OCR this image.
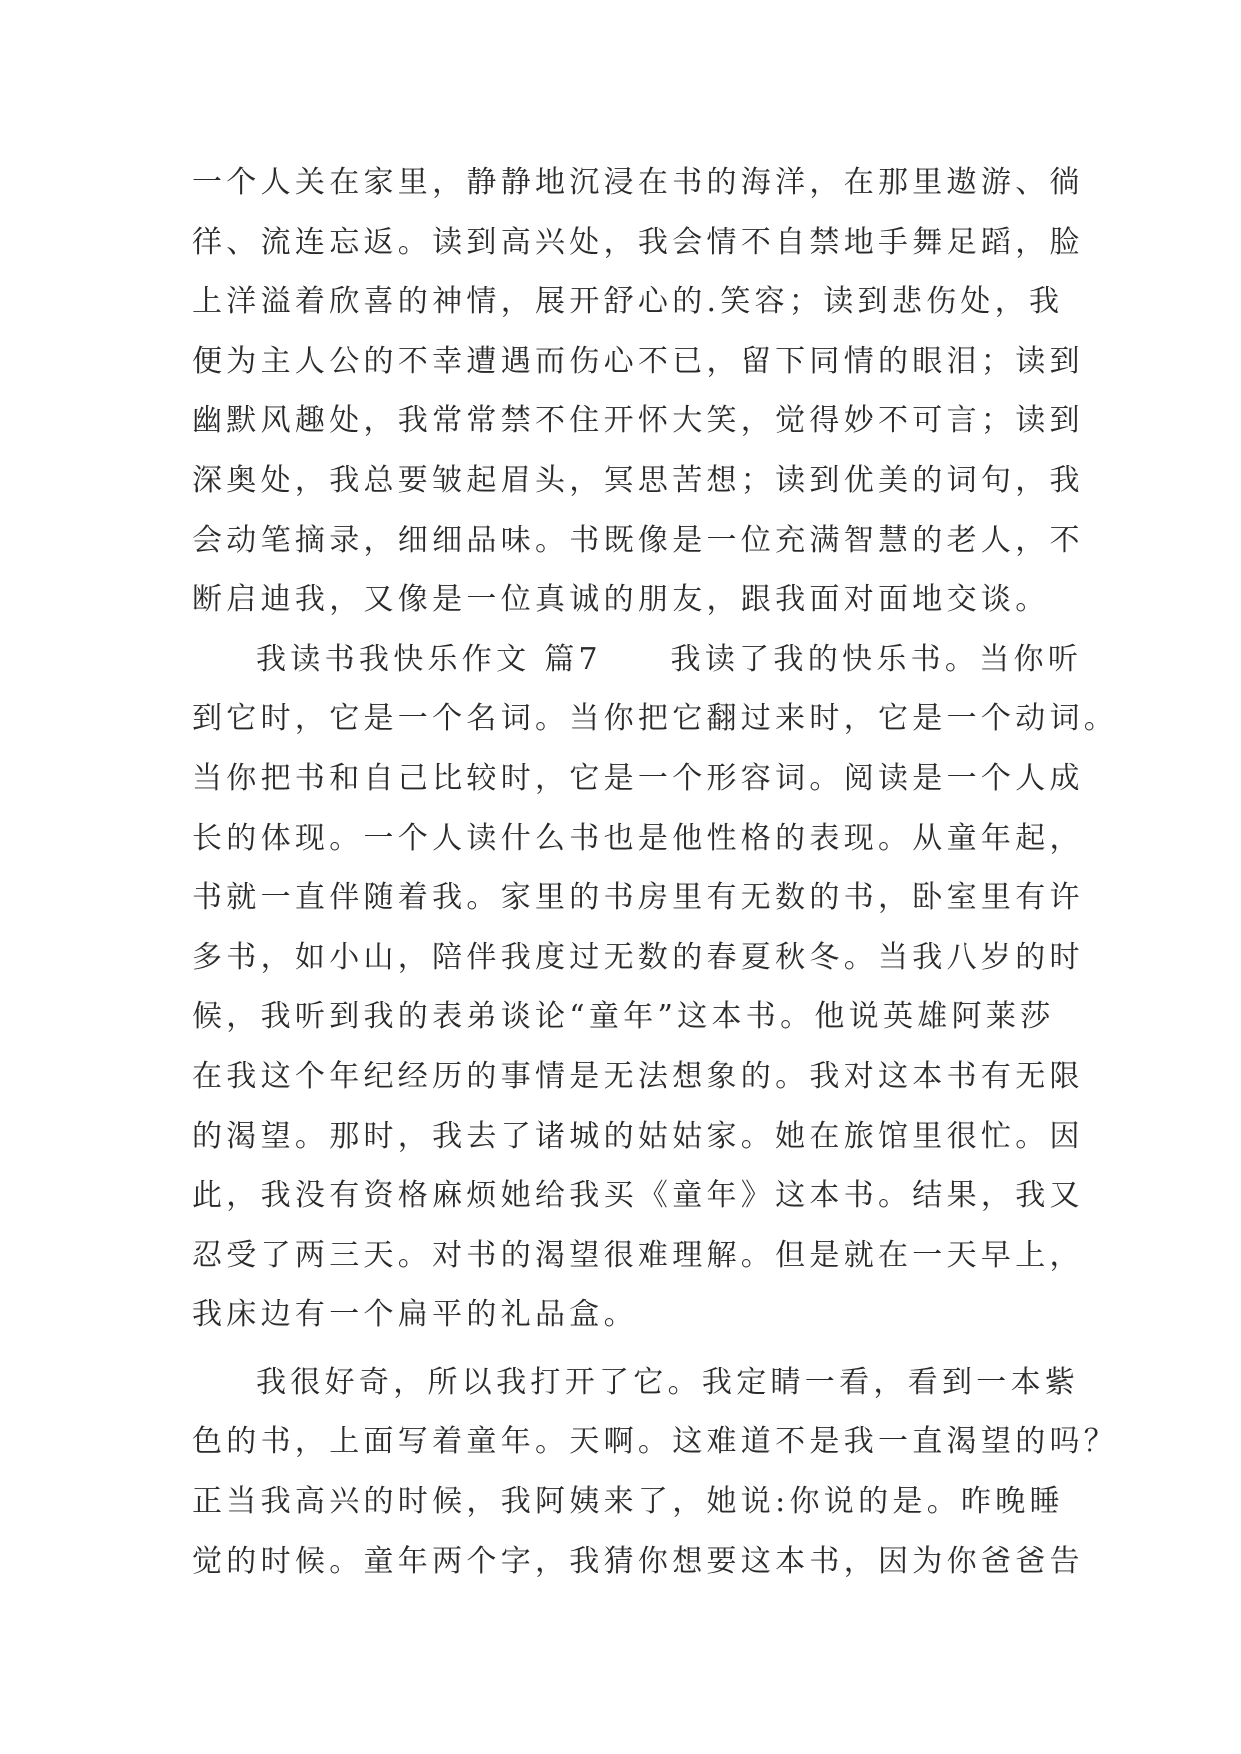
一个人关在家里，静静地沉浸在书的海洋，在那里遨游、徜
徉、流连忘返。读到高兴处，我会情不自禁地手舞足蹈，脸
上洋溢着欣喜的神情，展开舒心的.笑容；读到悲伤处，我
便为主人公的不幸遭遇而伤心不已，留下同情的眼泪；读到
幽默风趣处，我常常禁不住开怀大笑，觉得妙不可言；读到
深奥处，我总要皱起眉头，冥思苦想；读到优美的词句，我
会动笔摘录，细细品味。书既像是一位充满智慧的老人，不
断启迪我，又像是一位真诚的朋友，跟我面对面地交谈。
我读书我快乐作文 篇7　　我读了我的快乐书。当你听
到它时，它是一个名词。当你把它翻过来时，它是一个动词。
当你把书和自己比较时，它是一个形容词。阅读是一个人成
长的体现。一个人读什么书也是他性格的表现。从童年起，
书就一直伴随着我。家里的书房里有无数的书，卧室里有许
多书，如小山，陪伴我度过无数的春夏秋冬。当我八岁的时
候，我听到我的表弟谈论“童年”这本书。他说英雄阿莱莎
在我这个年纪经历的事情是无法想象的。我对这本书有无限
的渴望。那时，我去了诸城的姑姑家。她在旅馆里很忙。因
此，我没有资格麻烦她给我买《童年》这本书。结果，我又
忍受了两三天。对书的渴望很难理解。但是就在一天早上，
我床边有一个扁平的礼品盒。
我很好奇，所以我打开了它。我定睛一看，看到一本紫
色的书，上面写着童年。天啊。这难道不是我一直渴望的吗？
正当我高兴的时候，我阿姨来了，她说:你说的是。昨晚睡
觉的时候。童年两个字，我猜你想要这本书，因为你爸爸告
